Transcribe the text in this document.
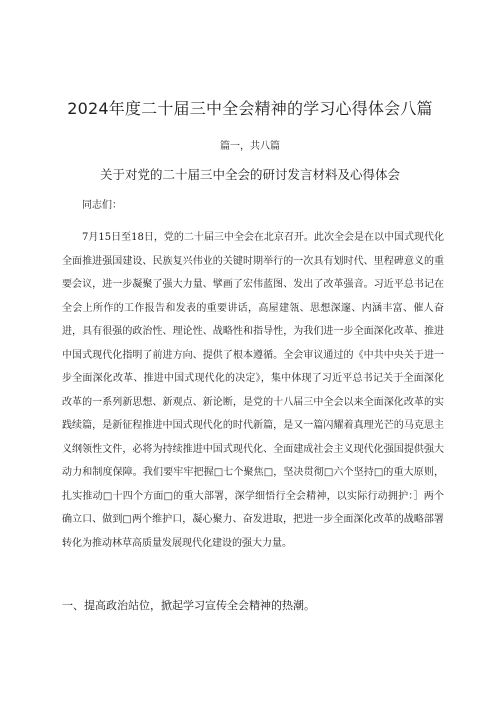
2024年度二十届三中全会精神的学习心得体会八篇
篇一，共八篇
关于对党的二十届三中全会的研讨发言材料及心得体会
同志们：

7月15日至18日，党的二十届三中全会在北京召开。此次全会是在以中国式现代化全面推进强国建设、民族复兴伟业的关键时期举行的一次具有划时代、里程碑意义的重要会议，进一步凝聚了强大力量、擘画了宏伟蓝图、发出了改革强音。习近平总书记在全会上所作的工作报告和发表的重要讲话，高屋建瓴、思想深邃、内涵丰富、催人奋进，具有很强的政治性、理论性、战略性和指导性，为我们进一步全面深化改革、推进中国式现代化指明了前进方向、提供了根本遵循。全会审议通过的《中共中央关于进一步全面深化改革、推进中国式现代化的决定》，集中体现了习近平总书记关于全面深化改革的一系列新思想、新观点、新论断，是党的十八届三中全会以来全面深化改革的实践续篇，是新征程推进中国式现代化的时代新篇，是又一篇闪耀着真理光芒的马克思主义纲领性文件，必将为持续推进中国式现代化、全面建成社会主义现代化强国提供强大动力和制度保障。我们要牢牢把握□七个聚焦□，坚决贯彻□六个坚持□的重大原则，扎实推动□十四个方面□的重大部署，深学细悟行全会精神，以实际行动拥护：］两个确立口、做到□两个维护口，凝心聚力、奋发进取，把进一步全面深化改革的战略部署转化为推动林草高质量发展现代化建设的强大力量。

一、提高政治站位，掀起学习宣传全会精神的热潮。
